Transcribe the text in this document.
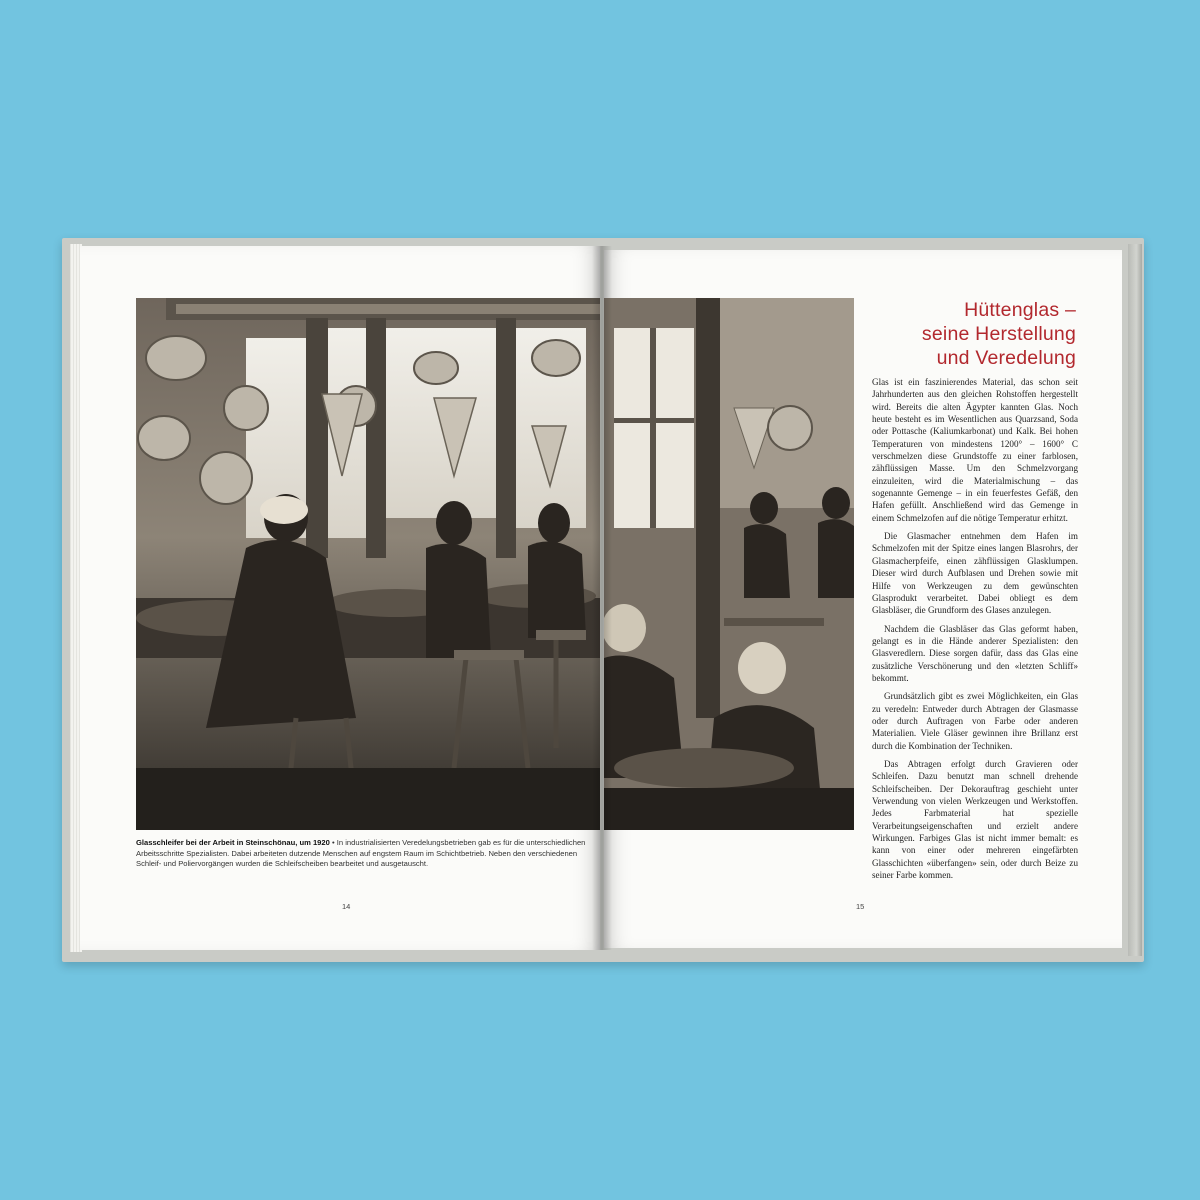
Glasschleifer bei der Arbeit in Steinschönau, um 1920 • In industrialisierten Veredelungsbetrieben gab es für die unterschiedlichen Arbeitsschritte Spezialisten. Dabei arbeiteten dutzende Menschen auf engstem Raum im Schichtbetrieb. Neben den verschiedenen Schleif- und Poliervorgängen wurden die Schleifscheiben bearbeitet und ausgetauscht.
14	15
Hüttenglas –
seine Herstellung
und Veredelung

Glas ist ein faszinierendes Material, das schon seit Jahrhunderten aus den gleichen Rohstoffen hergestellt wird. Bereits die alten Ägypter kannten Glas. Noch heute besteht es im Wesentlichen aus Quarzsand, Soda oder Pottasche (Kaliumkarbonat) und Kalk. Bei hohen Temperaturen von mindestens 1200° – 1600° C verschmelzen diese Grundstoffe zu einer farblosen, zähflüssigen Masse. Um den Schmelzvorgang einzuleiten, wird die Materialmischung – das sogenannte Gemenge – in ein feuerfestes Gefäß, den Hafen gefüllt. Anschließend wird das Gemenge in einem Schmelzofen auf die nötige Temperatur erhitzt.

Die Glasmacher entnehmen dem Hafen im Schmelzofen mit der Spitze eines langen Blasrohrs, der Glasmacherpfeife, einen zähflüssigen Glasklumpen. Dieser wird durch Aufblasen und Drehen sowie mit Hilfe von Werkzeugen zu dem gewünschten Glasprodukt verarbeitet. Dabei obliegt es dem Glasbläser, die Grundform des Glases anzulegen.

Nachdem die Glasbläser das Glas geformt haben, gelangt es in die Hände anderer Spezialisten: den Glasveredlern. Diese sorgen dafür, dass das Glas eine zusätzliche Verschönerung und den «letzten Schliff» bekommt.

Grundsätzlich gibt es zwei Möglichkeiten, ein Glas zu veredeln: Entweder durch Abtragen der Glasmasse oder durch Auftragen von Farbe oder anderen Materialien. Viele Gläser gewinnen ihre Brillanz erst durch die Kombination der Techniken.

Das Abtragen erfolgt durch Gravieren oder Schleifen. Dazu benutzt man schnell drehende Schleifscheiben. Der Dekorauftrag geschieht unter Verwendung von vielen Werkzeugen und Werkstoffen. Jedes Farbmaterial hat spezielle Verarbeitungseigenschaften und erzielt andere Wirkungen. Farbiges Glas ist nicht immer bemalt: es kann von einer oder mehreren eingefärbten Glasschichten «überfangen» sein, oder durch Beize zu seiner Farbe kommen.
